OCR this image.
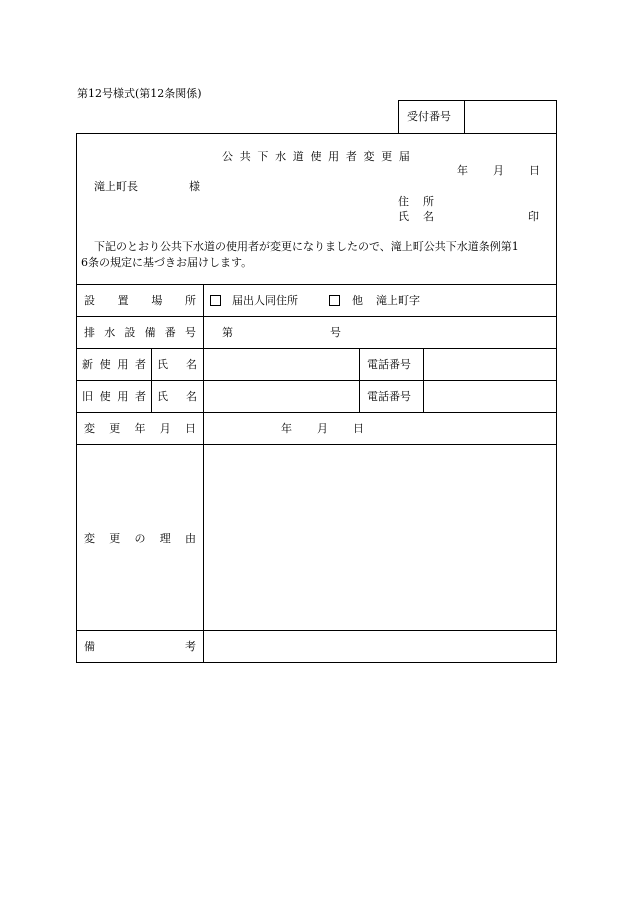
第12号様式(第12条関係)
受付番号
公 共 下 水 道 使 用 者 変 更 届
年 月 日
滝上町長	様
住 所
氏 名	印
下記のとおり公共下水道の使用者が変更になりましたので、滝上町公共下水道条例第1
6条の規定に基づきお届けします。
設 置 場 所	届出人同住所	他 滝上町字
排 水 設 備 番 号 第	号
新 使 用 者 氏 名	電話番号
旧 使 用 者 氏 名	電話番号
変 更 年 月 日	年 月 日
変 更 の 理 由
備	考
